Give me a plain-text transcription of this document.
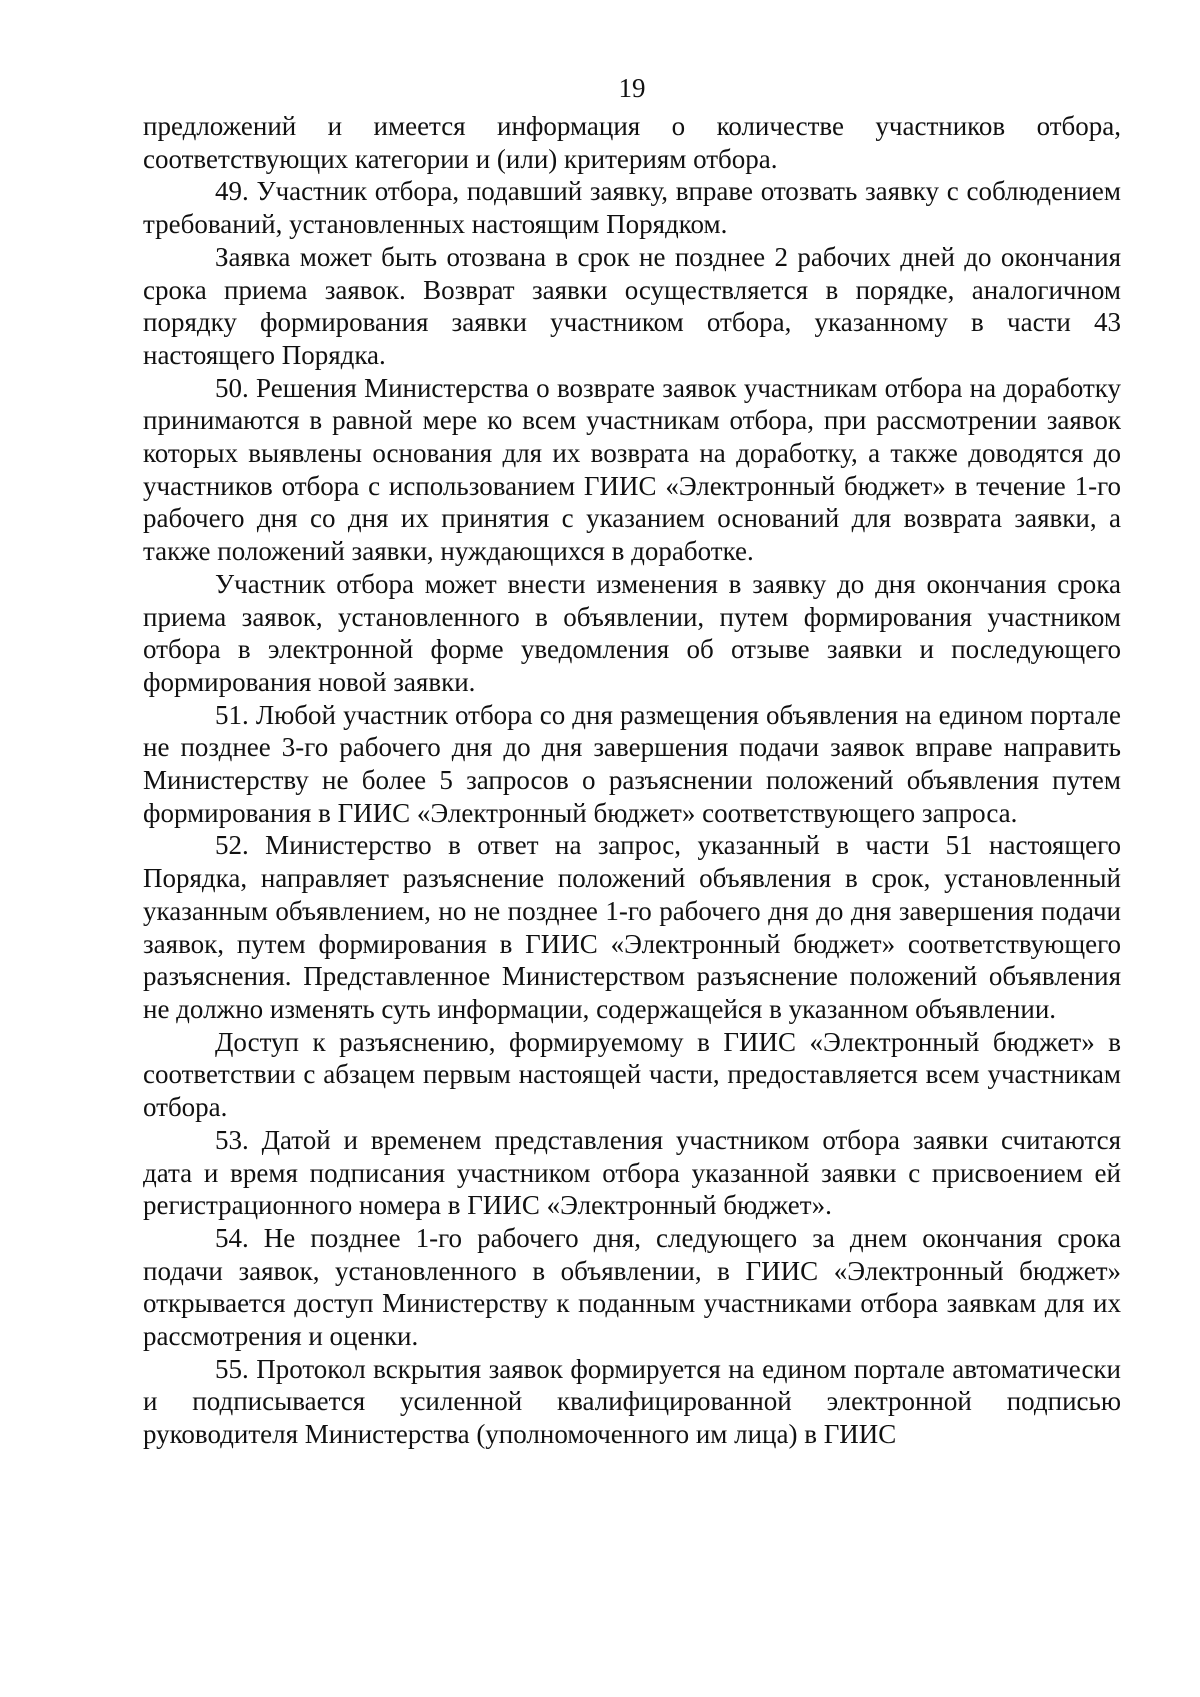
19

предложений и имеется информация о количестве участников отбора, соответствующих категории и (или) критериям отбора.

49. Участник отбора, подавший заявку, вправе отозвать заявку с соблюдением требований, установленных настоящим Порядком.

Заявка может быть отозвана в срок не позднее 2 рабочих дней до окончания срока приема заявок. Возврат заявки осуществляется в порядке, аналогичном порядку формирования заявки участником отбора, указанному в части 43 настоящего Порядка.

50. Решения Министерства о возврате заявок участникам отбора на доработку принимаются в равной мере ко всем участникам отбора, при рассмотрении заявок которых выявлены основания для их возврата на доработку, а также доводятся до участников отбора с использованием ГИИС «Электронный бюджет» в течение 1-го рабочего дня со дня их принятия с указанием оснований для возврата заявки, а также положений заявки, нуждающихся в доработке.

Участник отбора может внести изменения в заявку до дня окончания срока приема заявок, установленного в объявлении, путем формирования участником отбора в электронной форме уведомления об отзыве заявки и последующего формирования новой заявки.

51. Любой участник отбора со дня размещения объявления на едином портале не позднее 3-го рабочего дня до дня завершения подачи заявок вправе направить Министерству не более 5 запросов о разъяснении положений объявления путем формирования в ГИИС «Электронный бюджет» соответствующего запроса.

52. Министерство в ответ на запрос, указанный в части 51 настоящего Порядка, направляет разъяснение положений объявления в срок, установленный указанным объявлением, но не позднее 1-го рабочего дня до дня завершения подачи заявок, путем формирования в ГИИС «Электронный бюджет» соответствующего разъяснения. Представленное Министерством разъяснение положений объявления не должно изменять суть информации, содержащейся в указанном объявлении.

Доступ к разъяснению, формируемому в ГИИС «Электронный бюджет» в соответствии с абзацем первым настоящей части, предоставляется всем участникам отбора.

53. Датой и временем представления участником отбора заявки считаются дата и время подписания участником отбора указанной заявки с присвоением ей регистрационного номера в ГИИС «Электронный бюджет».

54. Не позднее 1-го рабочего дня, следующего за днем окончания срока подачи заявок, установленного в объявлении, в ГИИС «Электронный бюджет» открывается доступ Министерству к поданным участниками отбора заявкам для их рассмотрения и оценки.

55. Протокол вскрытия заявок формируется на едином портале автоматически и подписывается усиленной квалифицированной электронной подписью руководителя Министерства (уполномоченного им лица) в ГИИС
